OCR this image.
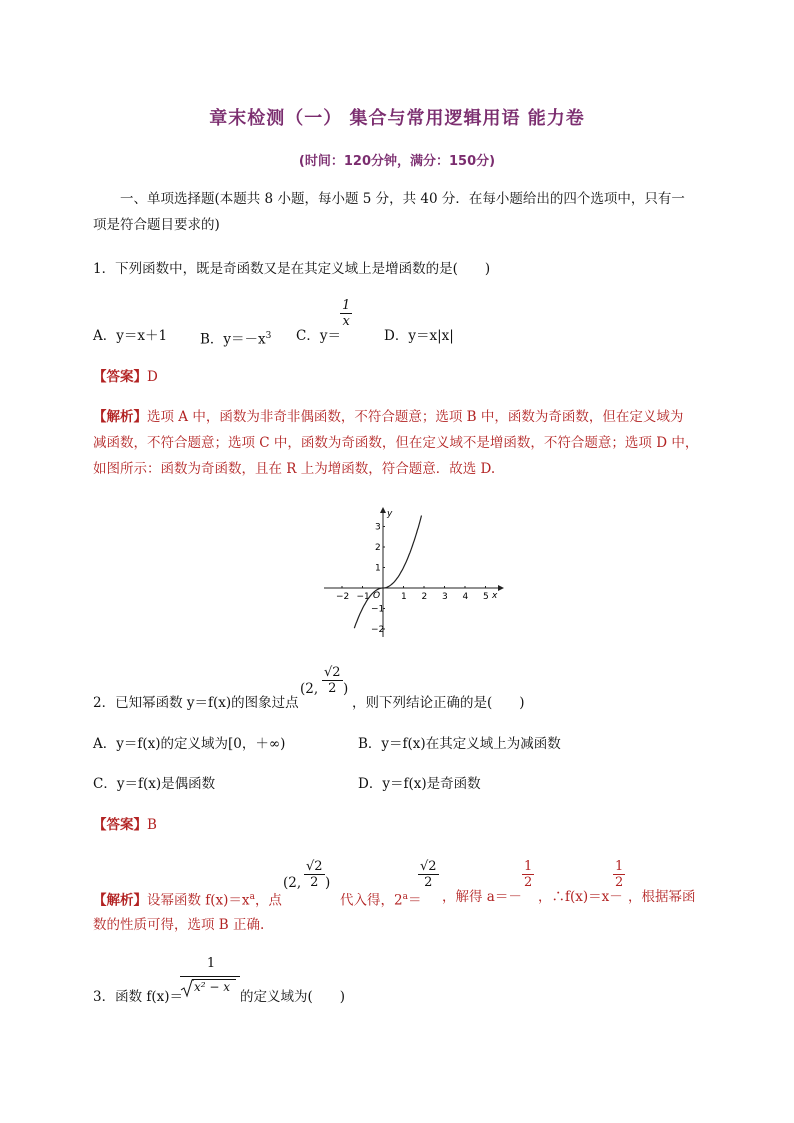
章末检测（一） 集合与常用逻辑用语 能力卷
(时间：120分钟，满分：150分)
一、单项选择题(本题共 8 小题，每小题 5 分，共 40 分．在每小题给出的四个选项中，只有一
项是符合题目要求的)
1．下列函数中，既是奇函数又是在其定义域上是增函数的是(　　)
A．y＝x＋1 B．$y=-x^3$ C．y＝
$\frac{1}{x}$
D．y＝x|x|
【答案】D
【解析】选项 A 中，函数为非奇非偶函数，不符合题意；选项 B 中，函数为奇函数，但在定义域为
减函数，不符合题意；选项 C 中，函数为奇函数，但在定义域不是增函数，不符合题意；选项 D 中，
如图所示：函数为奇函数，且在 R 上为增函数，符合题意．故选 D.
x
y
O
−2 −1	1 2 3 4 5
3
2
1
−1
−2
2．已知幂函数 y＝f(x)的图象过点
(2, $\frac{√2}{2}$ )
，则下列结论正确的是(　　)
A．y＝f(x)的定义域为[0，＋∞)	B．y＝f(x)在其定义域上为减函数
C．y＝f(x)是偶函数	D．y＝f(x)是奇函数
【答案】B
【解析】设幂函数 $f(x)=x^a$，点
(2, $\frac{√2}{2}$ )
代入得，$2^a=$
$\frac{√2}{2}$
，解得 a＝－
$\frac{1}{2}$
，∴f(x)＝x－
$\frac{1}{2}$
，根据幂函
数的性质可得，选项 B 正确.
3．函数 f(x)＝
1
x² − x
的定义域为(　　)
